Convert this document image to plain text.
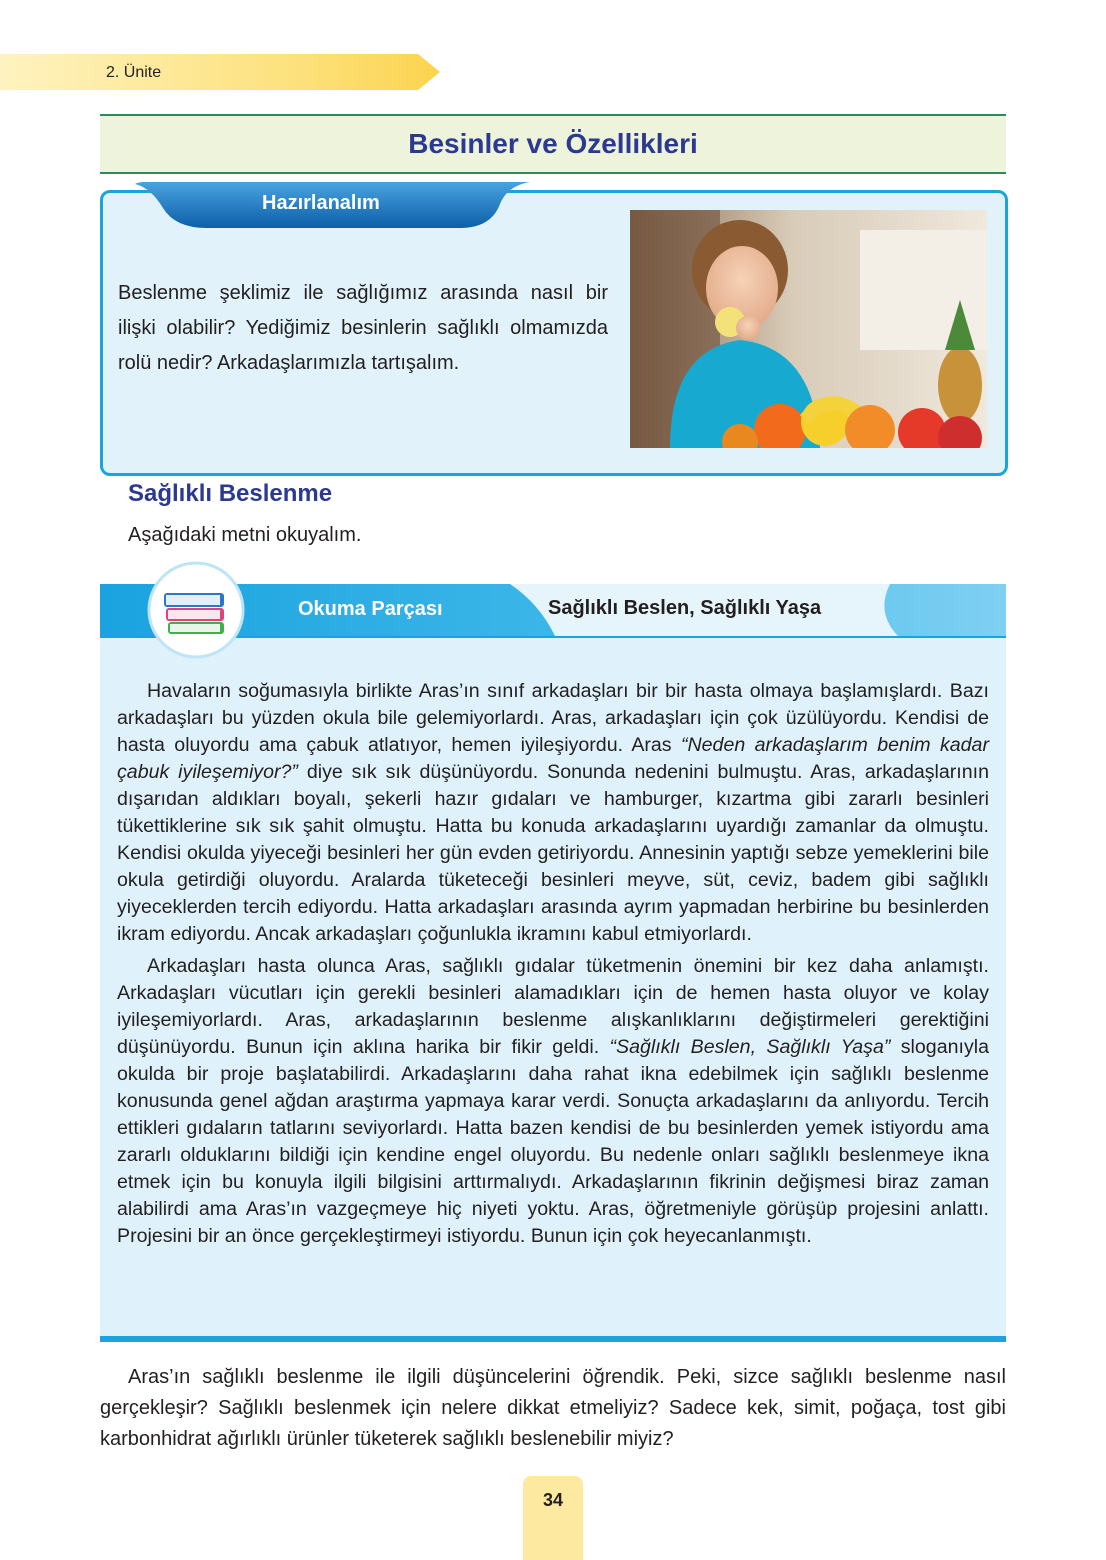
2. Ünite
Besinler ve Özellikleri
Hazırlanalım
Beslenme şeklimiz ile sağlığımız arasında nasıl bir ilişki olabilir? Yediğimiz besinlerin sağlıklı olmamızda rolü nedir? Arkadaşlarımızla tartışalım.
Sağlıklı Beslenme
Aşağıdaki metni okuyalım.
Okuma Parçası	Sağlıklı Beslen, Sağlıklı Yaşa

Havaların soğumasıyla birlikte Aras’ın sınıf arkadaşları bir bir hasta olmaya başlamışlardı. Bazı arkadaşları bu yüzden okula bile gelemiyorlardı. Aras, arkadaşları için çok üzülüyordu. Kendisi de hasta oluyordu ama çabuk atlatıyor, hemen iyileşiyordu. Aras “Neden arkadaşlarım benim kadar çabuk iyileşemiyor?” diye sık sık düşünüyordu. Sonunda nedenini bulmuştu. Aras, arkadaşlarının dışarıdan aldıkları boyalı, şekerli hazır gıdaları ve hamburger, kızartma gibi zararlı besinleri tükettiklerine sık sık şahit olmuştu. Hatta bu konuda arkadaşlarını uyardığı zamanlar da olmuştu. Kendisi okulda yiyeceği besinleri her gün evden getiriyordu. Annesinin yaptığı sebze yemeklerini bile okula getirdiği oluyordu. Aralarda tüketeceği besinleri meyve, süt, ceviz, badem gibi sağlıklı yiyeceklerden tercih ediyordu. Hatta arkadaşları arasında ayrım yapmadan herbirine bu besinlerden ikram ediyordu. Ancak arkadaşları çoğunlukla ikramını kabul etmiyorlardı.

Arkadaşları hasta olunca Aras, sağlıklı gıdalar tüketmenin önemini bir kez daha anlamıştı. Arkadaşları vücutları için gerekli besinleri alamadıkları için de hemen hasta oluyor ve kolay iyileşemiyorlardı. Aras, arkadaşlarının beslenme alışkanlıklarını değiştirmeleri gerektiğini düşünüyordu. Bunun için aklına harika bir fikir geldi. “Sağlıklı Beslen, Sağlıklı Yaşa” sloganıyla okulda bir proje başlatabilirdi. Arkadaşlarını daha rahat ikna edebilmek için sağlıklı beslenme konusunda genel ağdan araştırma yapmaya karar verdi. Sonuçta arkadaşlarını da anlıyordu. Tercih ettikleri gıdaların tatlarını seviyorlardı. Hatta bazen kendisi de bu besinlerden yemek istiyordu ama zararlı olduklarını bildiği için kendine engel oluyordu. Bu nedenle onları sağlıklı beslenmeye ikna etmek için bu konuyla ilgili bilgisini arttırmalıydı. Arkadaşlarının fikrinin değişmesi biraz zaman alabilirdi ama Aras’ın vazgeçmeye hiç niyeti yoktu. Aras, öğretmeniyle görüşüp projesini anlattı. Projesini bir an önce gerçekleştirmeyi istiyordu. Bunun için çok heyecanlanmıştı.

Aras’ın sağlıklı beslenme ile ilgili düşüncelerini öğrendik. Peki, sizce sağlıklı beslenme nasıl gerçekleşir? Sağlıklı beslenmek için nelere dikkat etmeliyiz? Sadece kek, simit, poğaça, tost gibi karbonhidrat ağırlıklı ürünler tüketerek sağlıklı beslenebilir miyiz?
34
